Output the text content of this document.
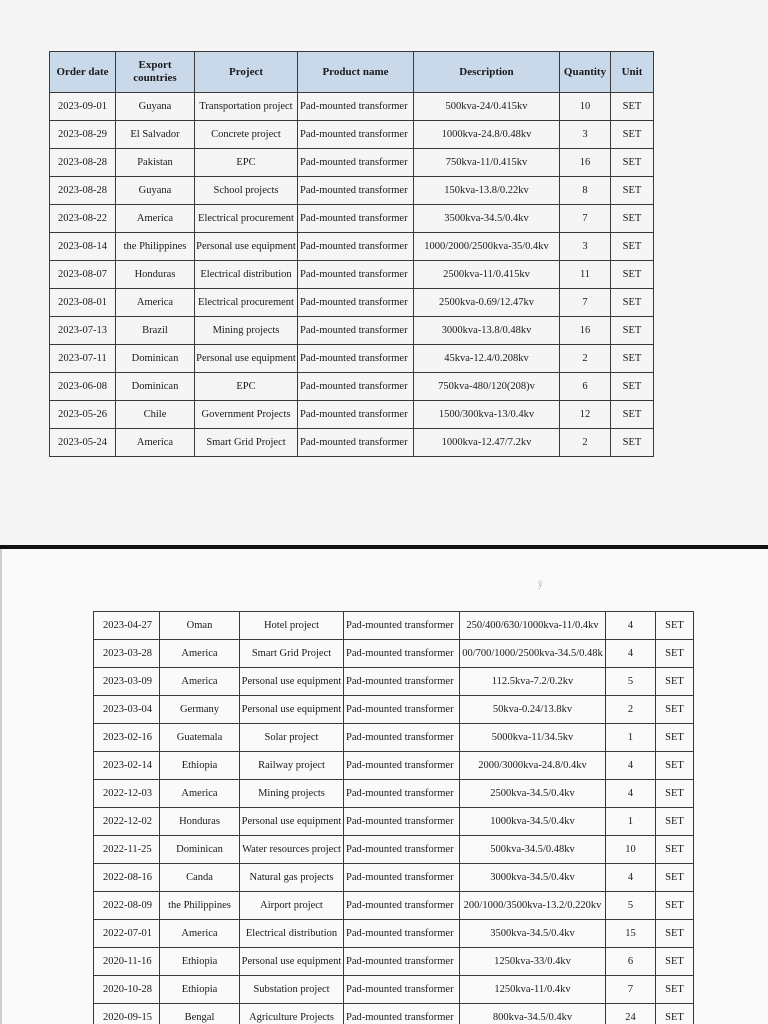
Order date	Export countries	Project	Product name	Description	Quantity	Unit
2023-09-01	Guyana	Transportation project	Pad-mounted transformer	500kva-24/0.415kv	10	SET
2023-08-29	El Salvador	Concrete project	Pad-mounted transformer	1000kva-24.8/0.48kv	3	SET
2023-08-28	Pakistan	EPC	Pad-mounted transformer	750kva-11/0.415kv	16	SET
2023-08-28	Guyana	School projects	Pad-mounted transformer	150kva-13.8/0.22kv	8	SET
2023-08-22	America	Electrical procurement	Pad-mounted transformer	3500kva-34.5/0.4kv	7	SET
2023-08-14	the Philippines	Personal use equipment	Pad-mounted transformer	1000/2000/2500kva-35/0.4kv	3	SET
2023-08-07	Honduras	Electrical distribution	Pad-mounted transformer	2500kva-11/0.415kv	11	SET
2023-08-01	America	Electrical procurement	Pad-mounted transformer	2500kva-0.69/12.47kv	7	SET
2023-07-13	Brazil	Mining projects	Pad-mounted transformer	3000kva-13.8/0.48kv	16	SET
2023-07-11	Dominican	Personal use equipment	Pad-mounted transformer	45kva-12.4/0.208kv	2	SET
2023-06-08	Dominican	EPC	Pad-mounted transformer	750kva-480/120(208)v	6	SET
2023-05-26	Chile	Government Projects	Pad-mounted transformer	1500/300kva-13/0.4kv	12	SET
2023-05-24	America	Smart Grid Project	Pad-mounted transformer	1000kva-12.47/7.2kv	2	SET
ỹ
2023-04-27	Oman	Hotel project	Pad-mounted transformer	250/400/630/1000kva-11/0.4kv	4	SET
2023-03-28	America	Smart Grid Project	Pad-mounted transformer	00/700/1000/2500kva-34.5/0.48k	4	SET
2023-03-09	America	Personal use equipment	Pad-mounted transformer	112.5kva-7.2/0.2kv	5	SET
2023-03-04	Germany	Personal use equipment	Pad-mounted transformer	50kva-0.24/13.8kv	2	SET
2023-02-16	Guatemala	Solar project	Pad-mounted transformer	5000kva-11/34.5kv	1	SET
2023-02-14	Ethiopia	Railway project	Pad-mounted transformer	2000/3000kva-24.8/0.4kv	4	SET
2022-12-03	America	Mining projects	Pad-mounted transformer	2500kva-34.5/0.4kv	4	SET
2022-12-02	Honduras	Personal use equipment	Pad-mounted transformer	1000kva-34.5/0.4kv	1	SET
2022-11-25	Dominican	Water resources project	Pad-mounted transformer	500kva-34.5/0.48kv	10	SET
2022-08-16	Canda	Natural gas projects	Pad-mounted transformer	3000kva-34.5/0.4kv	4	SET
2022-08-09	the Philippines	Airport project	Pad-mounted transformer	200/1000/3500kva-13.2/0.220kv	5	SET
2022-07-01	America	Electrical distribution	Pad-mounted transformer	3500kva-34.5/0.4kv	15	SET
2020-11-16	Ethiopia	Personal use equipment	Pad-mounted transformer	1250kva-33/0.4kv	6	SET
2020-10-28	Ethiopia	Substation project	Pad-mounted transformer	1250kva-11/0.4kv	7	SET
2020-09-15	Bengal	Agriculture Projects	Pad-mounted transformer	800kva-34.5/0.4kv	24	SET
